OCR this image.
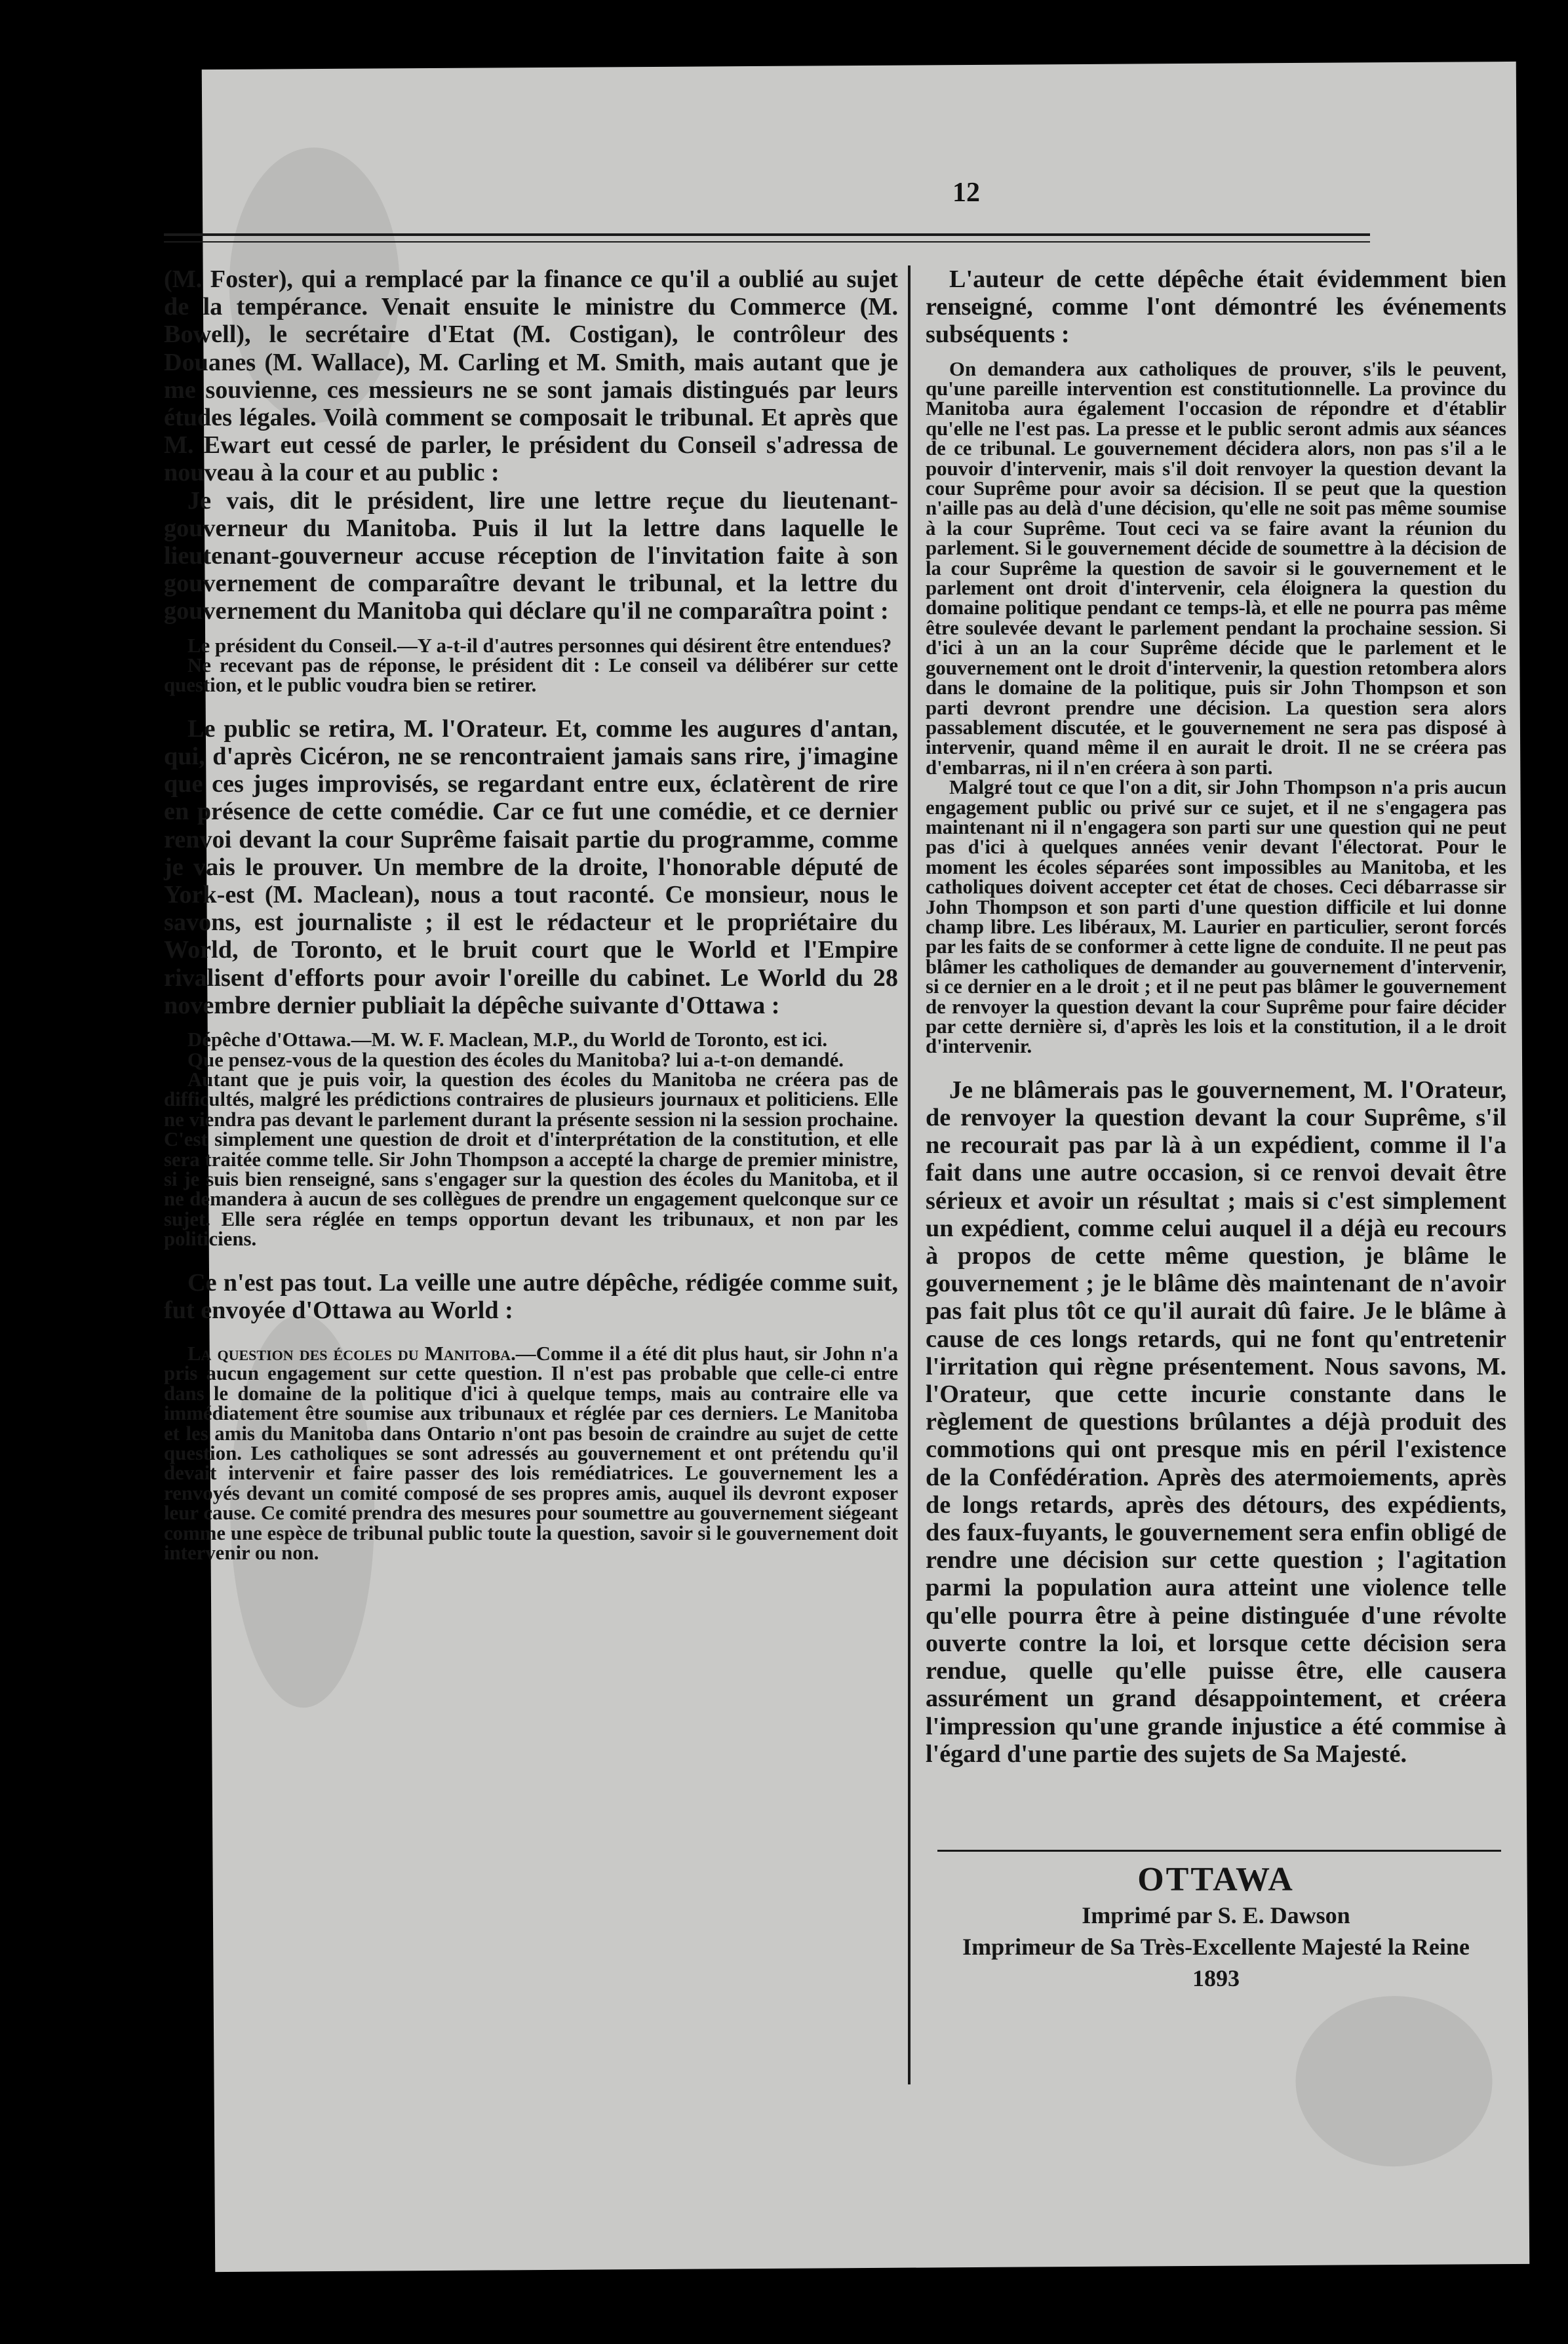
12

(M. Foster), qui a remplacé par la finance ce qu'il a oublié au sujet de la tempérance. Venait ensuite le ministre du Commerce (M. Bowell), le secrétaire d'Etat (M. Costigan), le contrôleur des Douanes (M. Wallace), M. Carling et M. Smith, mais autant que je me souvienne, ces messieurs ne se sont jamais distingués par leurs études légales. Voilà comment se composait le tribunal. Et après que M. Ewart eut cessé de parler, le président du Conseil s'adressa de nouveau à la cour et au public :

Je vais, dit le président, lire une lettre reçue du lieutenant-gouverneur du Manitoba. Puis il lut la lettre dans laquelle le lieutenant-gouverneur accuse réception de l'invitation faite à son gouvernement de comparaître devant le tribunal, et la lettre du gouvernement du Manitoba qui déclare qu'il ne comparaîtra point :

Le président du Conseil.—Y a-t-il d'autres personnes qui désirent être entendues?

Ne recevant pas de réponse, le président dit : Le conseil va délibérer sur cette question, et le public voudra bien se retirer.

Le public se retira, M. l'Orateur. Et, comme les augures d'antan, qui, d'après Cicéron, ne se rencontraient jamais sans rire, j'imagine que ces juges improvisés, se regardant entre eux, éclatèrent de rire en présence de cette comédie. Car ce fut une comédie, et ce dernier renvoi devant la cour Suprême faisait partie du programme, comme je vais le prouver. Un membre de la droite, l'honorable député de York-est (M. Maclean), nous a tout raconté. Ce monsieur, nous le savons, est journaliste ; il est le rédacteur et le propriétaire du World, de Toronto, et le bruit court que le World et l'Empire rivalisent d'efforts pour avoir l'oreille du cabinet. Le World du 28 novembre dernier publiait la dépêche suivante d'Ottawa :

Dépêche d'Ottawa.—M. W. F. Maclean, M.P., du World de Toronto, est ici.

Que pensez-vous de la question des écoles du Manitoba? lui a-t-on demandé.

Autant que je puis voir, la question des écoles du Manitoba ne créera pas de difficultés, malgré les prédictions contraires de plusieurs journaux et politiciens. Elle ne viendra pas devant le parlement durant la présente session ni la session prochaine. C'est simplement une question de droit et d'interprétation de la constitution, et elle sera traitée comme telle. Sir John Thompson a accepté la charge de premier ministre, si je suis bien renseigné, sans s'engager sur la question des écoles du Manitoba, et il ne demandera à aucun de ses collègues de prendre un engagement quelconque sur ce sujet. Elle sera réglée en temps opportun devant les tribunaux, et non par les politiciens.

Ce n'est pas tout. La veille une autre dépêche, rédigée comme suit, fut envoyée d'Ottawa au World :

La question des écoles du Manitoba.—Comme il a été dit plus haut, sir John n'a pris aucun engagement sur cette question. Il n'est pas probable que celle-ci entre dans le domaine de la politique d'ici à quelque temps, mais au contraire elle va immédiatement être soumise aux tribunaux et réglée par ces derniers. Le Manitoba et les amis du Manitoba dans Ontario n'ont pas besoin de craindre au sujet de cette question. Les catholiques se sont adressés au gouvernement et ont prétendu qu'il devait intervenir et faire passer des lois remédiatrices. Le gouvernement les a renvoyés devant un comité composé de ses propres amis, auquel ils devront exposer leur cause. Ce comité prendra des mesures pour soumettre au gouvernement siégeant comme une espèce de tribunal public toute la question, savoir si le gouvernement doit intervenir ou non.

L'auteur de cette dépêche était évidemment bien renseigné, comme l'ont démontré les événements subséquents :

On demandera aux catholiques de prouver, s'ils le peuvent, qu'une pareille intervention est constitutionnelle. La province du Manitoba aura également l'occasion de répondre et d'établir qu'elle ne l'est pas. La presse et le public seront admis aux séances de ce tribunal. Le gouvernement décidera alors, non pas s'il a le pouvoir d'intervenir, mais s'il doit renvoyer la question devant la cour Suprême pour avoir sa décision. Il se peut que la question n'aille pas au delà d'une décision, qu'elle ne soit pas même soumise à la cour Suprême. Tout ceci va se faire avant la réunion du parlement. Si le gouvernement décide de soumettre à la décision de la cour Suprême la question de savoir si le gouvernement et le parlement ont droit d'intervenir, cela éloignera la question du domaine politique pendant ce temps-là, et elle ne pourra pas même être soulevée devant le parlement pendant la prochaine session. Si d'ici à un an la cour Suprême décide que le parlement et le gouvernement ont le droit d'intervenir, la question retombera alors dans le domaine de la politique, puis sir John Thompson et son parti devront prendre une décision. La question sera alors passablement discutée, et le gouvernement ne sera pas disposé à intervenir, quand même il en aurait le droit. Il ne se créera pas d'embarras, ni il n'en créera à son parti.

Malgré tout ce que l'on a dit, sir John Thompson n'a pris aucun engagement public ou privé sur ce sujet, et il ne s'engagera pas maintenant ni il n'engagera son parti sur une question qui ne peut pas d'ici à quelques années venir devant l'électorat. Pour le moment les écoles séparées sont impossibles au Manitoba, et les catholiques doivent accepter cet état de choses. Ceci débarrasse sir John Thompson et son parti d'une question difficile et lui donne champ libre. Les libéraux, M. Laurier en particulier, seront forcés par les faits de se conformer à cette ligne de conduite. Il ne peut pas blâmer les catholiques de demander au gouvernement d'intervenir, si ce dernier en a le droit ; et il ne peut pas blâmer le gouvernement de renvoyer la question devant la cour Suprême pour faire décider par cette dernière si, d'après les lois et la constitution, il a le droit d'intervenir.

Je ne blâmerais pas le gouvernement, M. l'Orateur, de renvoyer la question devant la cour Suprême, s'il ne recourait pas par là à un expédient, comme il l'a fait dans une autre occasion, si ce renvoi devait être sérieux et avoir un résultat ; mais si c'est simplement un expédient, comme celui auquel il a déjà eu recours à propos de cette même question, je blâme le gouvernement ; je le blâme dès maintenant de n'avoir pas fait plus tôt ce qu'il aurait dû faire. Je le blâme à cause de ces longs retards, qui ne font qu'entretenir l'irritation qui règne présentement. Nous savons, M. l'Orateur, que cette incurie constante dans le règlement de questions brûlantes a déjà produit des commotions qui ont presque mis en péril l'existence de la Confédération. Après des atermoiements, après de longs retards, après des détours, des expédients, des faux-fuyants, le gouvernement sera enfin obligé de rendre une décision sur cette question ; l'agitation parmi la population aura atteint une violence telle qu'elle pourra être à peine distinguée d'une révolte ouverte contre la loi, et lorsque cette décision sera rendue, quelle qu'elle puisse être, elle causera assurément un grand désappointement, et créera l'impression qu'une grande injustice a été commise à l'égard d'une partie des sujets de Sa Majesté.

OTTAWA
Imprimé par S. E. Dawson
Imprimeur de Sa Très-Excellente Majesté la Reine
1893
